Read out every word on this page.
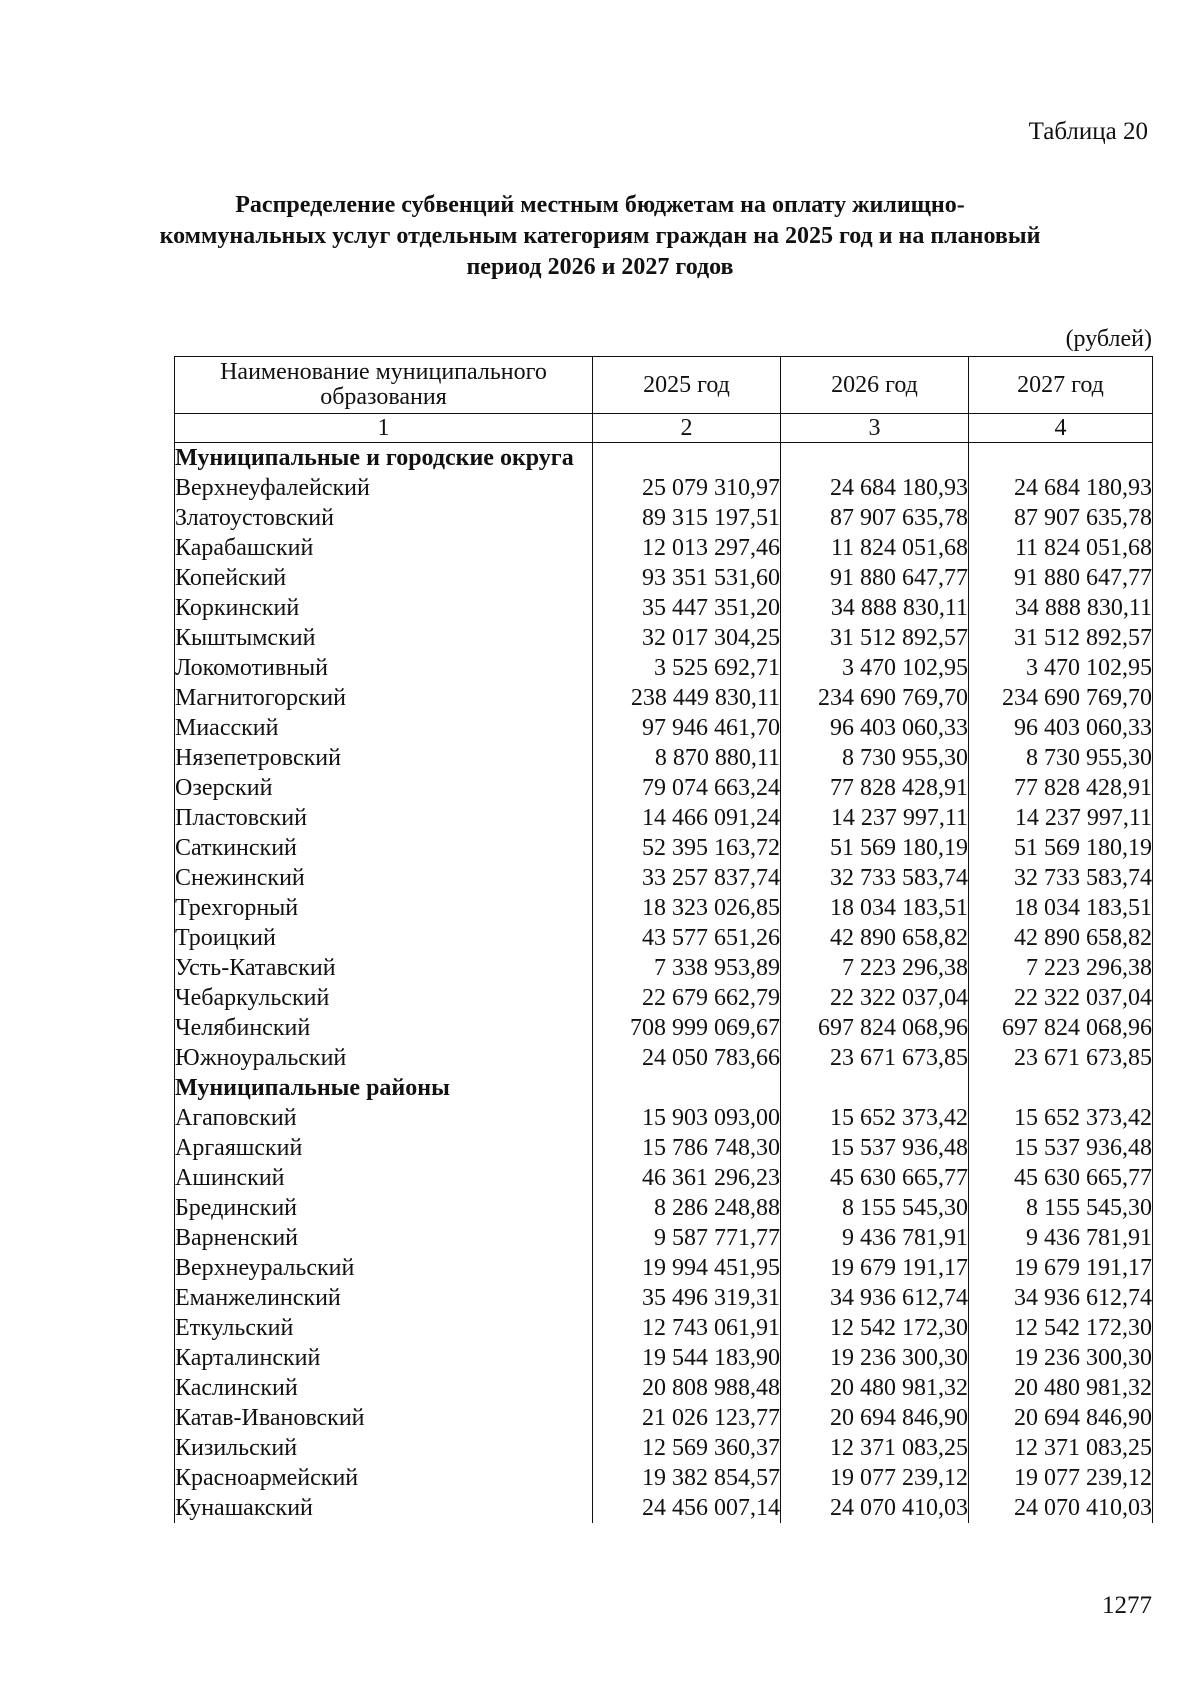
Таблица 20
Распределение субвенций местным бюджетам на оплату жилищно-
коммунальных услуг отдельным категориям граждан на 2025 год и на плановый
период 2026 и 2027 годов
(рублей)
Наименование муниципального образования	2025 год	2026 год	2027 год
1	2	3	4
Муниципальные и городские округа			
Верхнеуфалейский	25 079 310,97	24 684 180,93	24 684 180,93
Златоустовский	89 315 197,51	87 907 635,78	87 907 635,78
Карабашский	12 013 297,46	11 824 051,68	11 824 051,68
Копейский	93 351 531,60	91 880 647,77	91 880 647,77
Коркинский	35 447 351,20	34 888 830,11	34 888 830,11
Кыштымский	32 017 304,25	31 512 892,57	31 512 892,57
Локомотивный	3 525 692,71	3 470 102,95	3 470 102,95
Магнитогорский	238 449 830,11	234 690 769,70	234 690 769,70
Миасский	97 946 461,70	96 403 060,33	96 403 060,33
Нязепетровский	8 870 880,11	8 730 955,30	8 730 955,30
Озерский	79 074 663,24	77 828 428,91	77 828 428,91
Пластовский	14 466 091,24	14 237 997,11	14 237 997,11
Саткинский	52 395 163,72	51 569 180,19	51 569 180,19
Снежинский	33 257 837,74	32 733 583,74	32 733 583,74
Трехгорный	18 323 026,85	18 034 183,51	18 034 183,51
Троицкий	43 577 651,26	42 890 658,82	42 890 658,82
Усть-Катавский	7 338 953,89	7 223 296,38	7 223 296,38
Чебаркульский	22 679 662,79	22 322 037,04	22 322 037,04
Челябинский	708 999 069,67	697 824 068,96	697 824 068,96
Южноуральский	24 050 783,66	23 671 673,85	23 671 673,85
Муниципальные районы			
Агаповский	15 903 093,00	15 652 373,42	15 652 373,42
Аргаяшский	15 786 748,30	15 537 936,48	15 537 936,48
Ашинский	46 361 296,23	45 630 665,77	45 630 665,77
Брединский	8 286 248,88	8 155 545,30	8 155 545,30
Варненский	9 587 771,77	9 436 781,91	9 436 781,91
Верхнеуральский	19 994 451,95	19 679 191,17	19 679 191,17
Еманжелинский	35 496 319,31	34 936 612,74	34 936 612,74
Еткульский	12 743 061,91	12 542 172,30	12 542 172,30
Карталинский	19 544 183,90	19 236 300,30	19 236 300,30
Каслинский	20 808 988,48	20 480 981,32	20 480 981,32
Катав-Ивановский	21 026 123,77	20 694 846,90	20 694 846,90
Кизильский	12 569 360,37	12 371 083,25	12 371 083,25
Красноармейский	19 382 854,57	19 077 239,12	19 077 239,12
Кунашакский	24 456 007,14	24 070 410,03	24 070 410,03
1277
